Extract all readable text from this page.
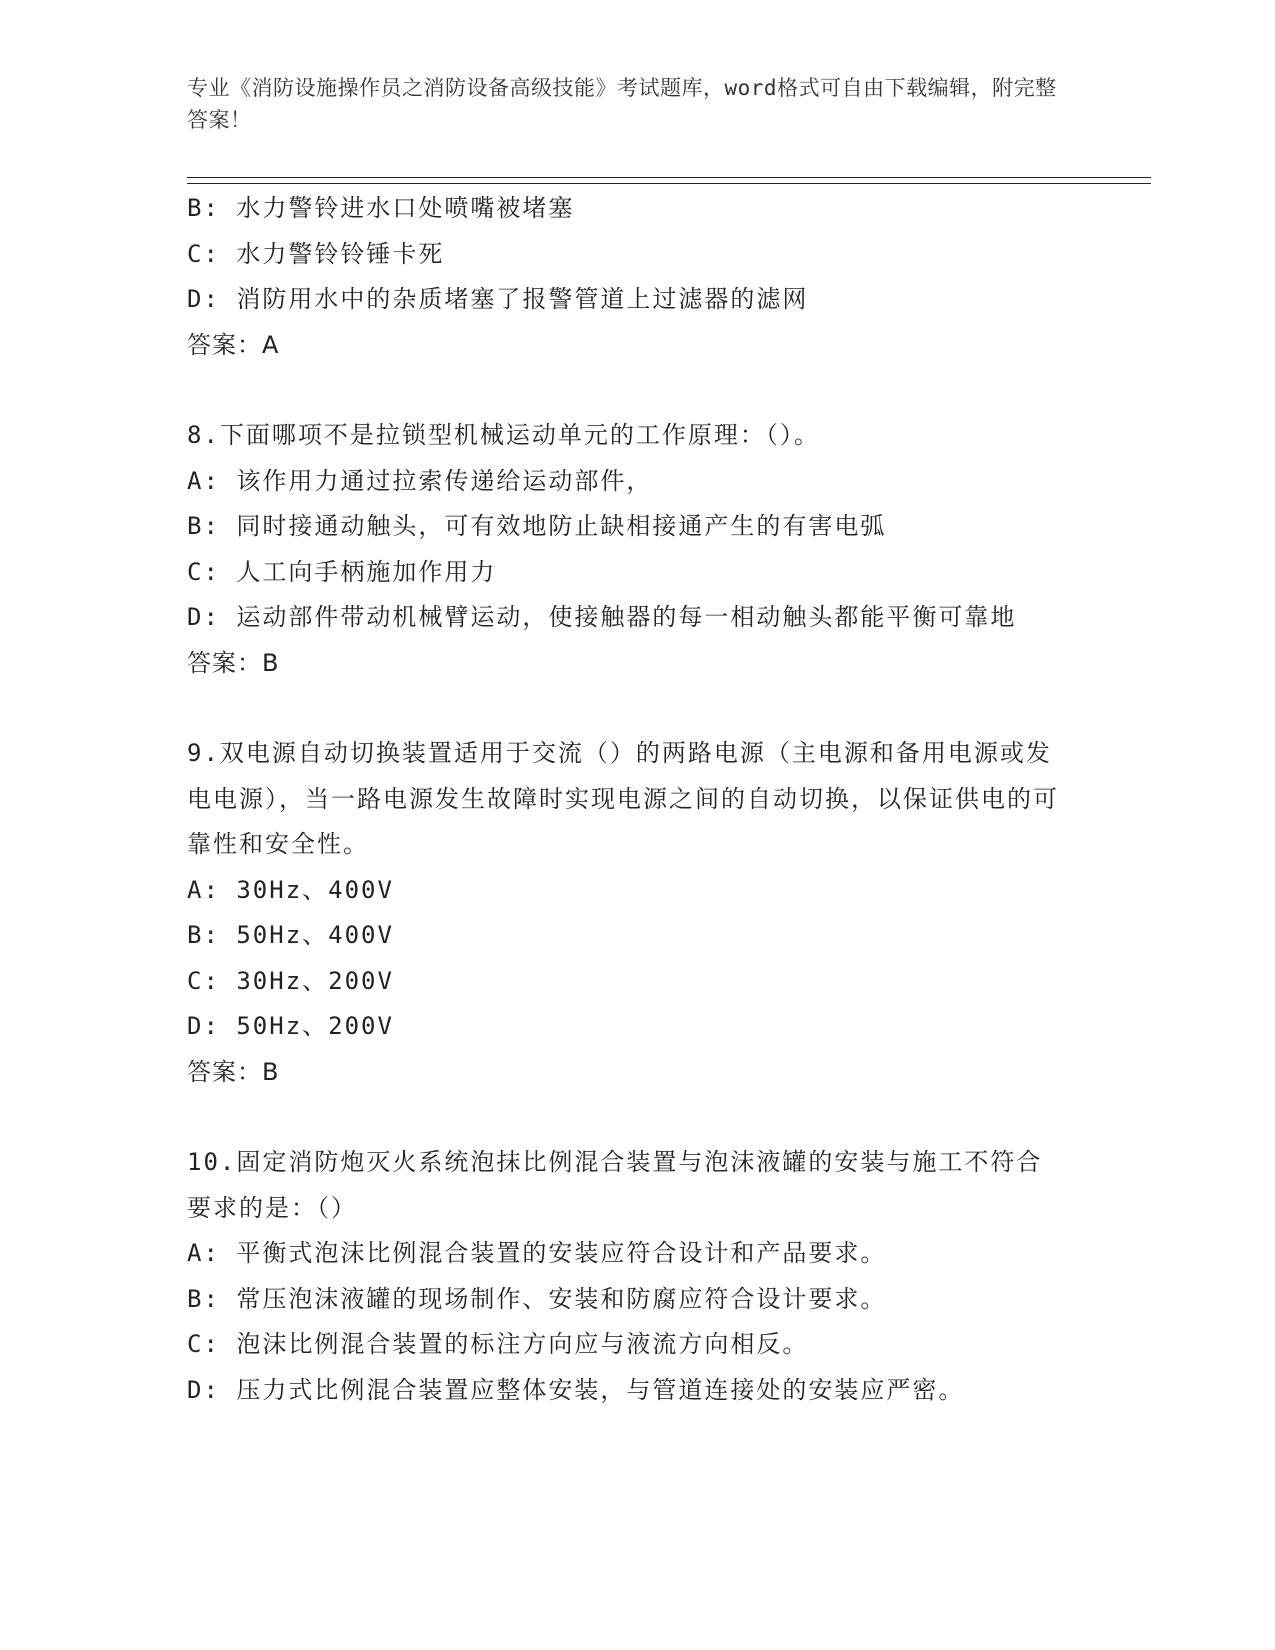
专业《消防设施操作员之消防设备高级技能》考试题库，word格式可自由下载编辑，附完整答案！
B: 水力警铃进水口处喷嘴被堵塞
C: 水力警铃铃锤卡死
D: 消防用水中的杂质堵塞了报警管道上过滤器的滤网
答案：A
8.下面哪项不是拉锁型机械运动单元的工作原理：（）。
A: 该作用力通过拉索传递给运动部件，
B: 同时接通动触头，可有效地防止缺相接通产生的有害电弧
C: 人工向手柄施加作用力
D: 运动部件带动机械臂运动，使接触器的每一相动触头都能平衡可靠地
答案：B
9.双电源自动切换装置适用于交流（）的两路电源（主电源和备用电源或发电电源），当一路电源发生故障时实现电源之间的自动切换，以保证供电的可靠性和安全性。
A: 30Hz、400V
B: 50Hz、400V
C: 30Hz、200V
D: 50Hz、200V
答案：B
10.固定消防炮灭火系统泡抹比例混合装置与泡沫液罐的安装与施工不符合要求的是：（）
A: 平衡式泡沫比例混合装置的安装应符合设计和产品要求。
B: 常压泡沫液罐的现场制作、安装和防腐应符合设计要求。
C: 泡沫比例混合装置的标注方向应与液流方向相反。
D: 压力式比例混合装置应整体安装，与管道连接处的安装应严密。
